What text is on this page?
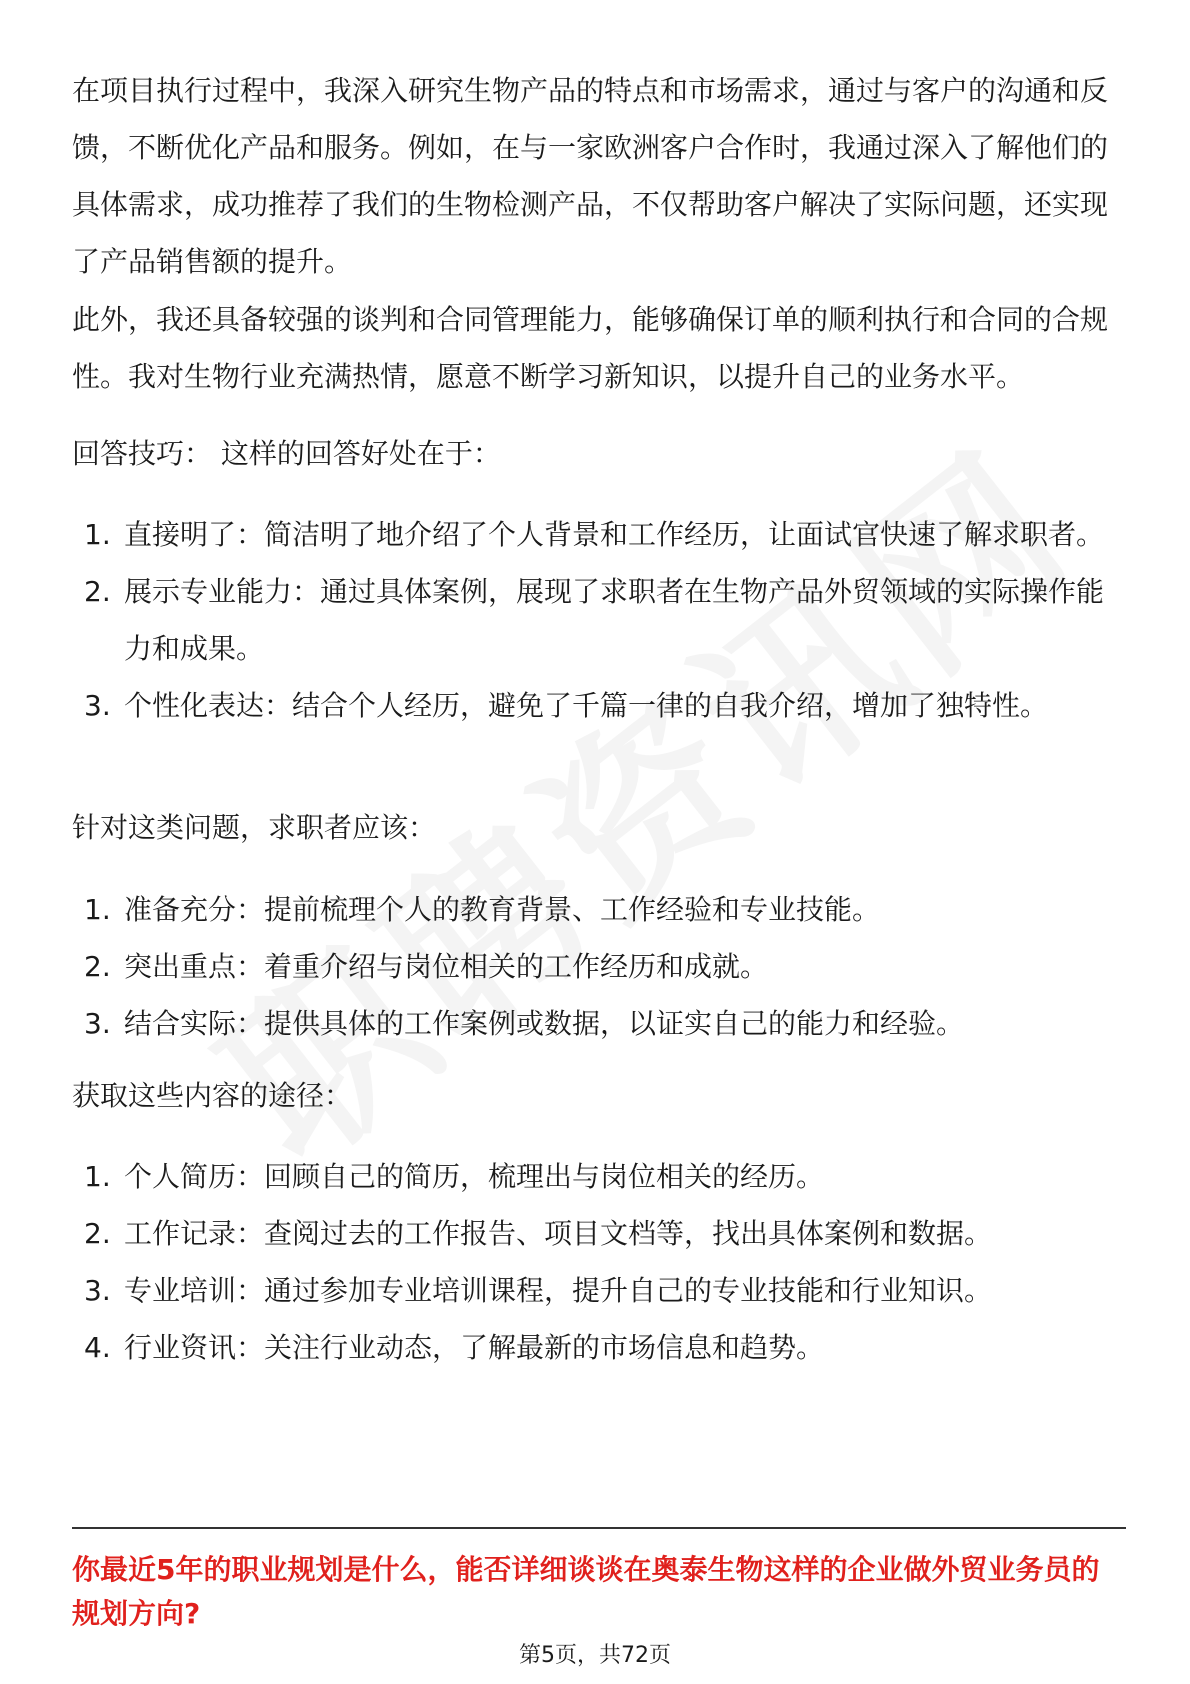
在项目执行过程中，我深入研究生物产品的特点和市场需求，通过与客户的沟通和反馈，不断优化产品和服务。例如，在与一家欧洲客户合作时，我通过深入了解他们的具体需求，成功推荐了我们的生物检测产品，不仅帮助客户解决了实际问题，还实现了产品销售额的提升。

此外，我还具备较强的谈判和合同管理能力，能够确保订单的顺利执行和合同的合规性。我对生物行业充满热情，愿意不断学习新知识，以提升自己的业务水平。

回答技巧： 这样的回答好处在于：

1. 直接明了：简洁明了地介绍了个人背景和工作经历，让面试官快速了解求职者。
2. 展示专业能力：通过具体案例，展现了求职者在生物产品外贸领域的实际操作能力和成果。
3. 个性化表达：结合个人经历，避免了千篇一律的自我介绍，增加了独特性。

针对这类问题，求职者应该：

1. 准备充分：提前梳理个人的教育背景、工作经验和专业技能。
2. 突出重点：着重介绍与岗位相关的工作经历和成就。
3. 结合实际：提供具体的工作案例或数据，以证实自己的能力和经验。

获取这些内容的途径：

1. 个人简历：回顾自己的简历，梳理出与岗位相关的经历。
2. 工作记录：查阅过去的工作报告、项目文档等，找出具体案例和数据。
3. 专业培训：通过参加专业培训课程，提升自己的专业技能和行业知识。
4. 行业资讯：关注行业动态，了解最新的市场信息和趋势。

你最近5年的职业规划是什么，能否详细谈谈在奥泰生物这样的企业做外贸业务员的规划方向?

第5页，共72页
